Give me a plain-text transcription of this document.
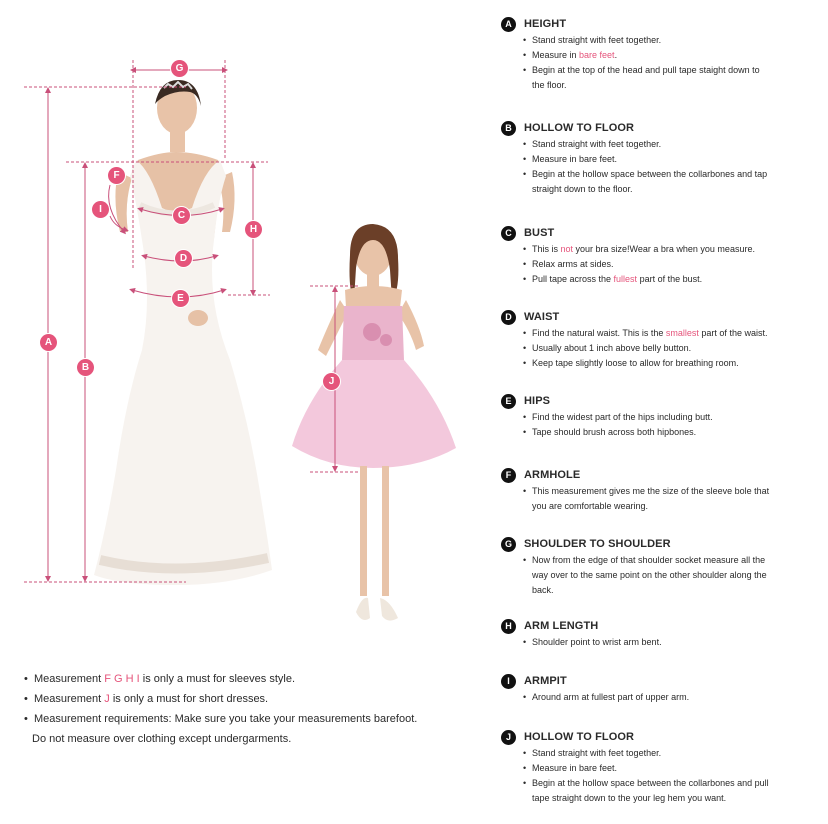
A
B
C
D
E
F
G
H
I
J
•  Measurement F G H I is only a must for sleeves style.
•  Measurement J is only a must for short dresses.
•  Measurement requirements: Make sure you take your measurements barefoot.
Do not measure over clothing except undergarments.
A	HEIGHT
• Stand straight with feet together.
• Measure in bare feet.
• Begin at the top of the head and pull tape staight down to
the floor.
B	HOLLOW TO FLOOR
• Stand straight with feet together.
• Measure in bare feet.
• Begin at the hollow space between the collarbones and tap
straight down to the floor.
C	BUST
• This is not your bra size!Wear a bra when you measure.
• Relax arms at sides.
• Pull tape across the fullest part of the bust.
D	WAIST
• Find the natural waist. This is the smallest part of the waist.
• Usually about 1 inch above belly button.
• Keep tape slightly loose to allow for breathing room.
E	HIPS
• Find the widest part of the hips including butt.
• Tape should brush across both hipbones.
F	ARMHOLE
• This measurement gives me the size of the sleeve bole that
you are comfortable wearing.
G	SHOULDER TO SHOULDER
• Now from the edge of that shoulder socket measure all the
way over to the same point on the other shoulder along the
back.
H	ARM LENGTH
• Shoulder point to wrist arm bent.
I	ARMPIT
• Around arm at fullest part of upper arm.
J	HOLLOW TO FLOOR
• Stand straight with feet together.
• Measure in bare feet.
• Begin at the hollow space between the collarbones and pull
tape straight down to the your leg hem you want.
